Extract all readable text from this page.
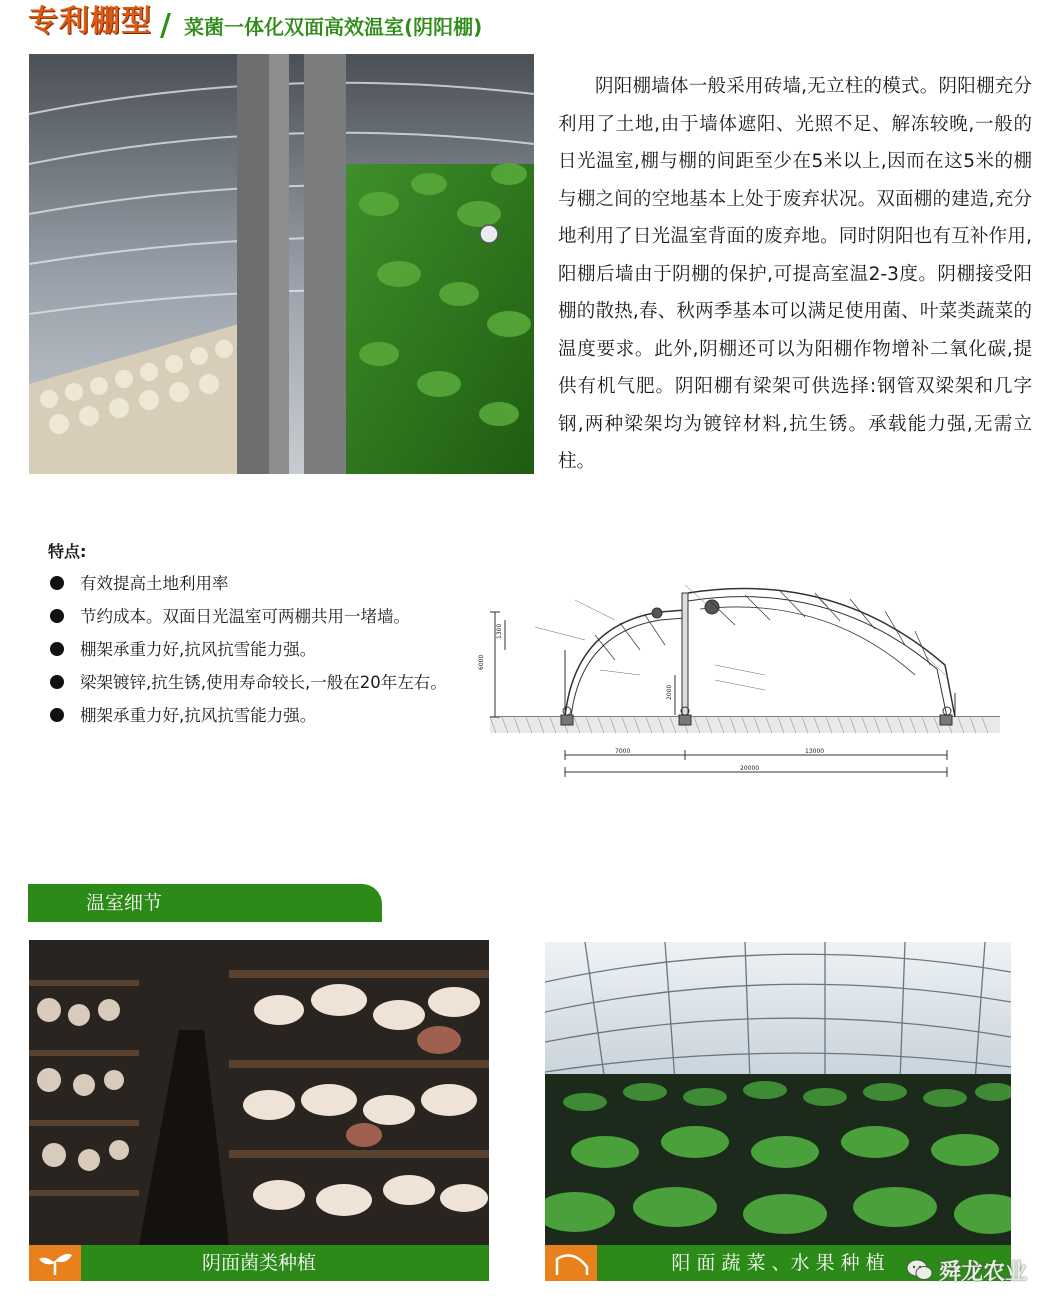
专利棚型 / 菜菌一体化双面高效温室(阴阳棚)

阴阳棚墙体一般采用砖墙,无立柱的模式。阴阳棚充分利用了土地,由于墙体遮阳、光照不足、解冻较晚,一般的日光温室,棚与棚的间距至少在5米以上,因而在这5米的棚与棚之间的空地基本上处于废弃状况。双面棚的建造,充分地利用了日光温室背面的废弃地。同时阴阳也有互补作用,阳棚后墙由于阴棚的保护,可提高室温2-3度。阴棚接受阳棚的散热,春、秋两季基本可以满足使用菌、叶菜类蔬菜的温度要求。此外,阴棚还可以为阳棚作物增补二氧化碳,提供有机气肥。阴阳棚有梁架可供选择:钢管双梁架和几字钢,两种梁架均为镀锌材料,抗生锈。承载能力强,无需立柱。

特点:
有效提高土地利用率
节约成本。双面日光温室可两棚共用一堵墙。
棚架承重力好,抗风抗雪能力强。
梁架镀锌,抗生锈,使用寿命较长,一般在20年左右。
棚架承重力好,抗风抗雪能力强。
7000	13000
20000
6000
1300
2000
温室细节
阴面菌类种植	阳 面 蔬 菜 、水 果 种 植	舜龙农业
